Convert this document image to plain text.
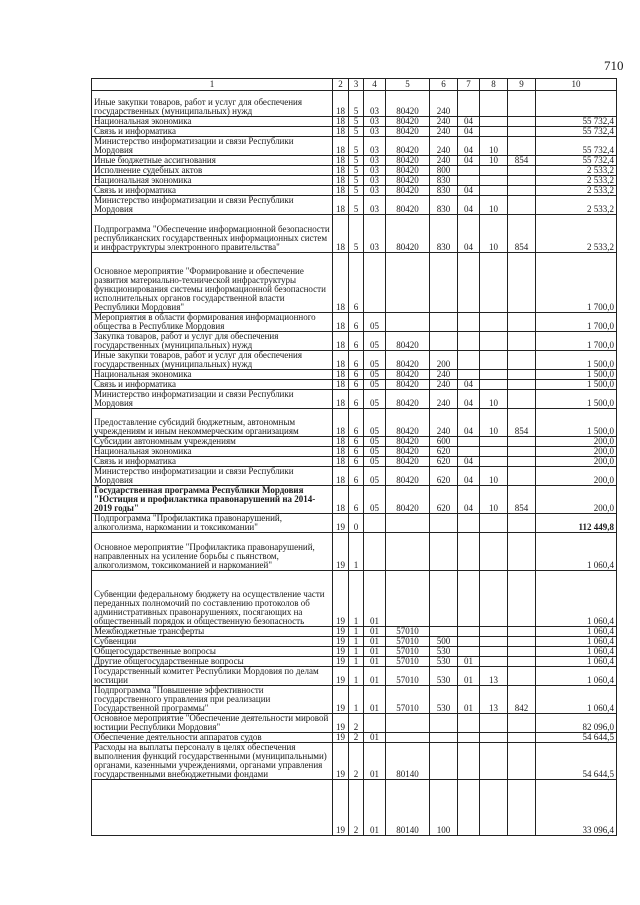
710
1	2	3	4	5	6	7	8	9	10
Иные закупки товаров, работ и услуг для обеспечения государственных (муниципальных) нужд	18	5	03	80420	240				
Национальная экономика	18	5	03	80420	240	04			55 732,4
Связь и информатика	18	5	03	80420	240	04			55 732,4
Министерство информатизации и связи Республики Мордовия	18	5	03	80420	240	04	10		55 732,4
Иные бюджетные ассигнования	18	5	03	80420	240	04	10	854	55 732,4
Исполнение судебных актов	18	5	03	80420	800				2 533,2
Национальная экономика	18	5	03	80420	830				2 533,2
Связь и информатика	18	5	03	80420	830	04			2 533,2
Министерство информатизации и связи Республики Мордовия	18	5	03	80420	830	04	10		2 533,2
Подпрограмма "Обеспечение информационной безопасности республиканских государственных информационных систем и инфраструктуры электронного правительства"	18	5	03	80420	830	04	10	854	2 533,2
Основное мероприятие "Формирование и обеспечение развития материально-технической инфраструктуры функционирования системы информационной безопасности исполнительных органов государственной власти Республики Мордовия"	18	6							1 700,0
Мероприятия в области формирования информационного общества в Республике Мордовия	18	6	05						1 700,0
Закупка товаров, работ и услуг для обеспечения государственных (муниципальных) нужд	18	6	05	80420					1 700,0
Иные закупки товаров, работ и услуг для обеспечения государственных (муниципальных) нужд	18	6	05	80420	200				1 500,0
Национальная экономика	18	6	05	80420	240				1 500,0
Связь и информатика	18	6	05	80420	240	04			1 500,0
Министерство информатизации и связи Республики Мордовия	18	6	05	80420	240	04	10		1 500,0
Предоставление субсидий бюджетным, автономным учреждениям и иным некоммерческим организациям	18	6	05	80420	240	04	10	854	1 500,0
Субсидии автономным учреждениям	18	6	05	80420	600				200,0
Национальная экономика	18	6	05	80420	620				200,0
Связь и информатика	18	6	05	80420	620	04			200,0
Министерство информатизации и связи Республики Мордовия	18	6	05	80420	620	04	10		200,0
Государственная программа Республики Мордовия "Юстиция и профилактика правонарушений на 2014-2019 годы"	18	6	05	80420	620	04	10	854	200,0
Подпрограмма "Профилактика правонарушений, алкоголизма, наркомании и токсикомании"	19	0							112 449,8
Основное мероприятие "Профилактика правонарушений, направленных на усиление борьбы с пьянством, алкоголизмом, токсикоманией и наркоманией"	19	1							1 060,4
Субвенции федеральному бюджету на осуществление части переданных полномочий по составлению протоколов об административных правонарушениях, посягающих на общественный порядок и общественную безопасность	19	1	01						1 060,4
Межбюджетные трансферты	19	1	01	57010					1 060,4
Субвенции	19	1	01	57010	500				1 060,4
Общегосударственные вопросы	19	1	01	57010	530				1 060,4
Другие общегосударственные вопросы	19	1	01	57010	530	01			1 060,4
Государственный комитет Республики Мордовия по делам юстиции	19	1	01	57010	530	01	13		1 060,4
Подпрограмма "Повышение эффективности государственного управления при реализации Государственной программы"	19	1	01	57010	530	01	13	842	1 060,4
Основное мероприятие "Обеспечение деятельности мировой юстиции Республики Мордовия"	19	2							82 096,0
Обеспечение деятельности аппаратов судов	19	2	01						54 644,5
Расходы на выплаты персоналу в целях обеспечения выполнения функций государственными (муниципальными) органами, казенными учреждениями, органами управления государственными внебюджетными фондами	19	2	01	80140					54 644,5
	19	2	01	80140	100				33 096,4
